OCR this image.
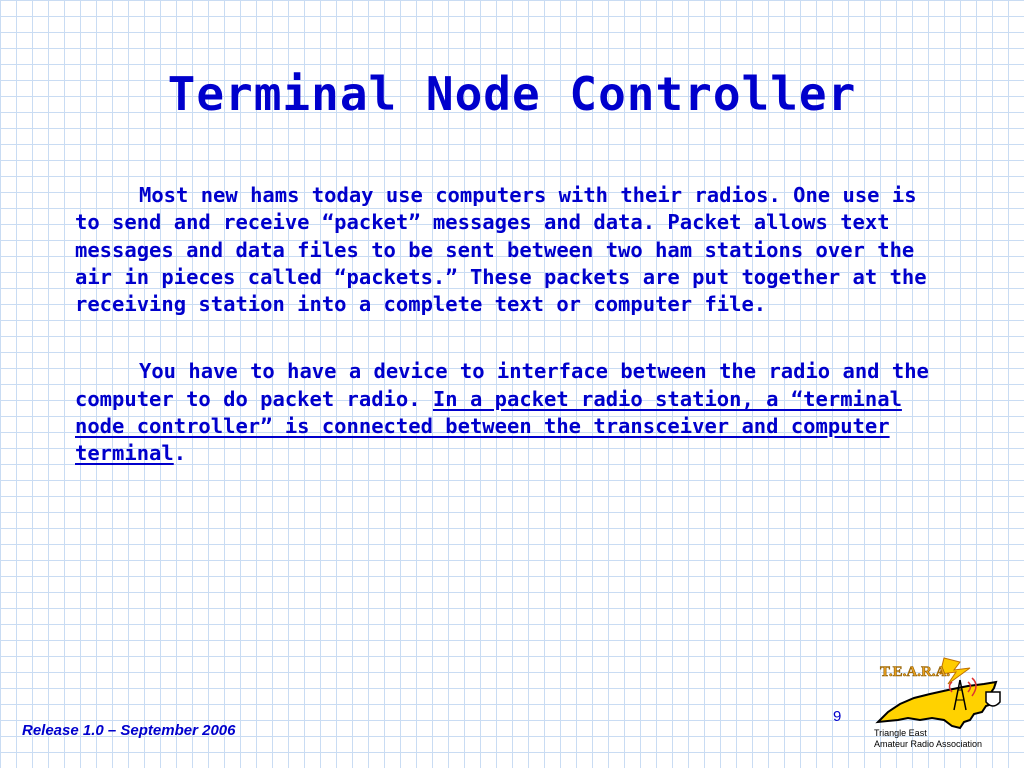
Terminal Node Controller

Most new hams today use computers with their radios. One use is to send and receive “packet” messages and data. Packet allows text messages and data files to be sent between two ham stations over the air in pieces called “packets.” These packets are put together at the receiving station into a complete text or computer file.

You have to have a device to interface between the radio and the computer to do packet radio. In a packet radio station, a “terminal node controller” is connected between the transceiver and computer terminal.

Release 1.0 – September 2006
9
T.E.A.R.A.
Triangle East
Amateur Radio Association
